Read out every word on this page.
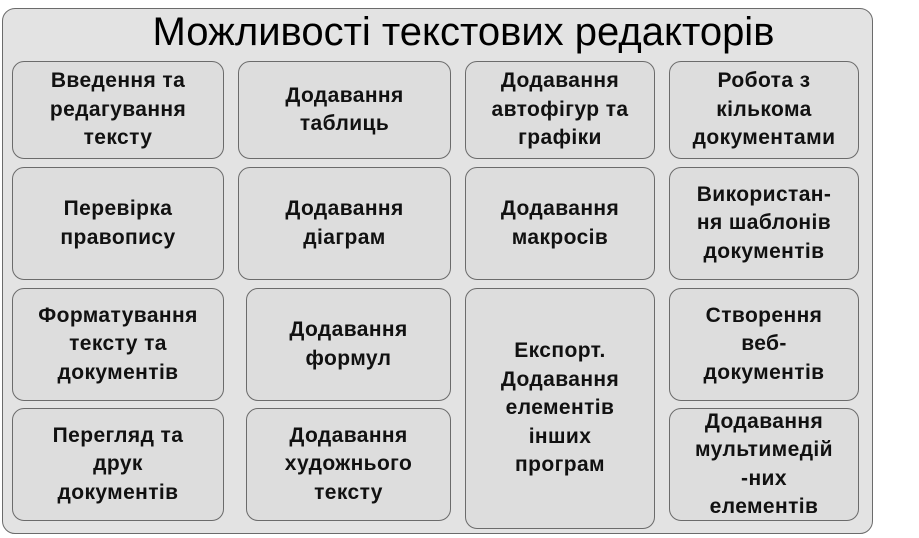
Можливості текстових редакторів
Введення та
редагування
тексту
Додавання
таблиць
Додавання
автофігур та
графіки
Робота з
кількома
документами
Перевірка
правопису
Додавання
діаграм
Додавання
макросів
Використан-
ня шаблонів
документів
Форматування
тексту та
документів
Додавання
формул	Експорт.
Додавання
елементів
інших
програм
Створення
веб-
документів
Перегляд та
друк
документів
Додавання
художнього
тексту
Додавання
мультимедій
-них
елементів
